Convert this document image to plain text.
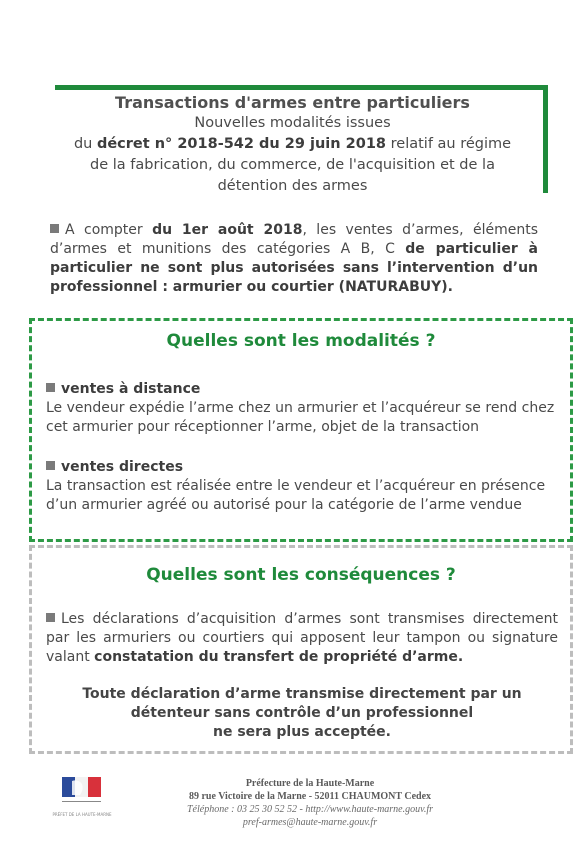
Transactions d'armes entre particuliers
Nouvelles modalités issues
du décret n° 2018-542 du 29 juin 2018 relatif au régime
de la fabrication, du commerce, de l'acquisition et de la
détention des armes
A compter du 1er août 2018, les ventes d’armes, éléments d’armes et munitions des catégories A B, C de particulier à particulier ne sont plus autorisées sans l’intervention d’un professionnel : armurier ou courtier (NATURABUY).
Quelles sont les modalités ?
ventes à distance
Le vendeur expédie l’arme chez un armurier et l’acquéreur se rend chez cet armurier pour réceptionner l’arme, objet de la transaction
ventes directes
La transaction est réalisée entre le vendeur et l’acquéreur en présence d’un armurier agréé ou autorisé pour la catégorie de l’arme vendue
Quelles sont les conséquences ?
Les déclarations d’acquisition d’armes sont transmises directement par les armuriers ou courtiers qui apposent leur tampon ou signature valant constatation du transfert de propriété d’arme.
Toute déclaration d’arme transmise directement par un
détenteur sans contrôle d’un professionnel
ne sera plus acceptée.
PRÉFET DE LA HAUTE-MARNE
Préfecture de la Haute-Marne
89 rue Victoire de la Marne - 52011 CHAUMONT Cedex
Téléphone : 03 25 30 52 52 - http://www.haute-marne.gouv.fr
pref-armes@haute-marne.gouv.fr
